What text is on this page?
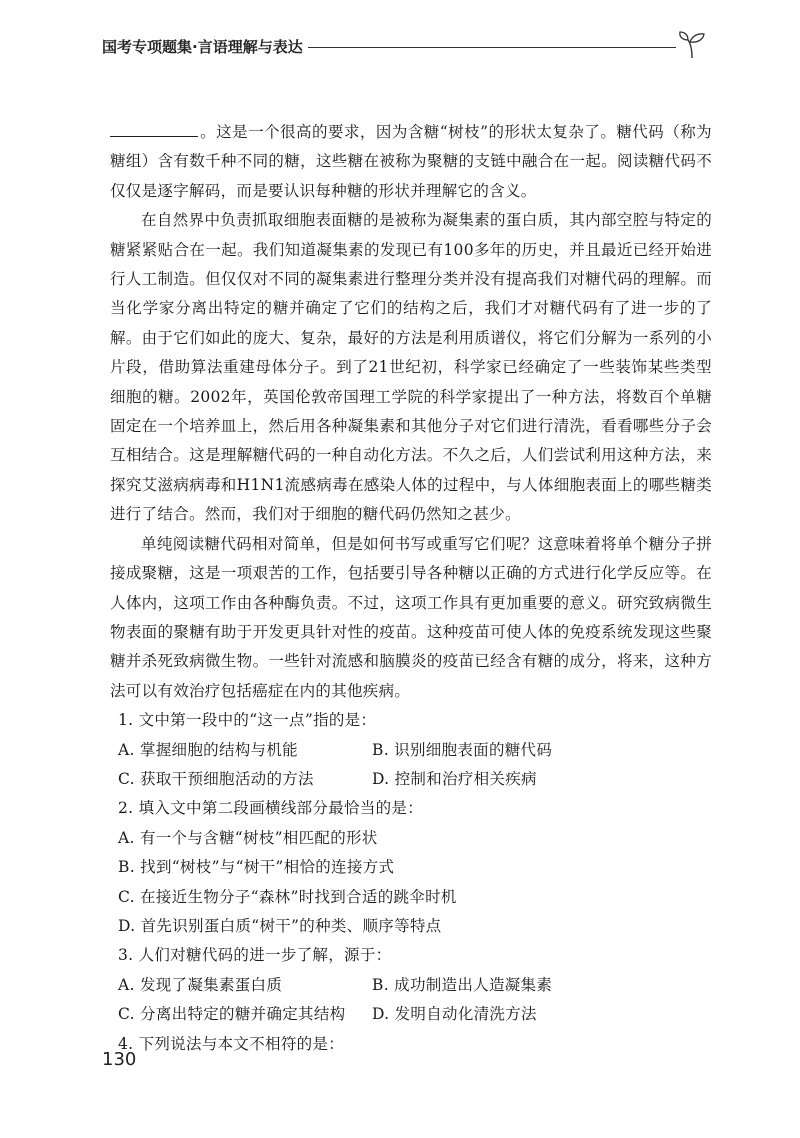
国考专项题集·言语理解与表达

。这是一个很高的要求，因为含糖“树枝”的形状太复杂了。糖代码（称为糖组）含有数千种不同的糖，这些糖在被称为聚糖的支链中融合在一起。阅读糖代码不仅仅是逐字解码，而是要认识每种糖的形状并理解它的含义。

在自然界中负责抓取细胞表面糖的是被称为凝集素的蛋白质，其内部空腔与特定的糖紧紧贴合在一起。我们知道凝集素的发现已有100多年的历史，并且最近已经开始进行人工制造。但仅仅对不同的凝集素进行整理分类并没有提高我们对糖代码的理解。而当化学家分离出特定的糖并确定了它们的结构之后，我们才对糖代码有了进一步的了解。由于它们如此的庞大、复杂，最好的方法是利用质谱仪，将它们分解为一系列的小片段，借助算法重建母体分子。到了21世纪初，科学家已经确定了一些装饰某些类型细胞的糖。2002年，英国伦敦帝国理工学院的科学家提出了一种方法，将数百个单糖固定在一个培养皿上，然后用各种凝集素和其他分子对它们进行清洗，看看哪些分子会互相结合。这是理解糖代码的一种自动化方法。不久之后，人们尝试利用这种方法，来探究艾滋病病毒和H1N1流感病毒在感染人体的过程中，与人体细胞表面上的哪些糖类进行了结合。然而，我们对于细胞的糖代码仍然知之甚少。

单纯阅读糖代码相对简单，但是如何书写或重写它们呢？这意味着将单个糖分子拼接成聚糖，这是一项艰苦的工作，包括要引导各种糖以正确的方式进行化学反应等。在人体内，这项工作由各种酶负责。不过，这项工作具有更加重要的意义。研究致病微生物表面的聚糖有助于开发更具针对性的疫苗。这种疫苗可使人体的免疫系统发现这些聚糖并杀死致病微生物。一些针对流感和脑膜炎的疫苗已经含有糖的成分，将来，这种方法可以有效治疗包括癌症在内的其他疾病。

1. 文中第一段中的“这一点”指的是：

A. 掌握细胞的结构与机能	B. 识别细胞表面的糖代码
C. 获取干预细胞活动的方法	D. 控制和治疗相关疾病

2. 填入文中第二段画横线部分最恰当的是：

A. 有一个与含糖“树枝”相匹配的形状

B. 找到“树枝”与“树干”相恰的连接方式

C. 在接近生物分子“森林”时找到合适的跳伞时机

D. 首先识别蛋白质“树干”的种类、顺序等特点

3. 人们对糖代码的进一步了解，源于：

A. 发现了凝集素蛋白质	B. 成功制造出人造凝集素
C. 分离出特定的糖并确定其结构	D. 发明自动化清洗方法

4. 下列说法与本文不相符的是：

130
